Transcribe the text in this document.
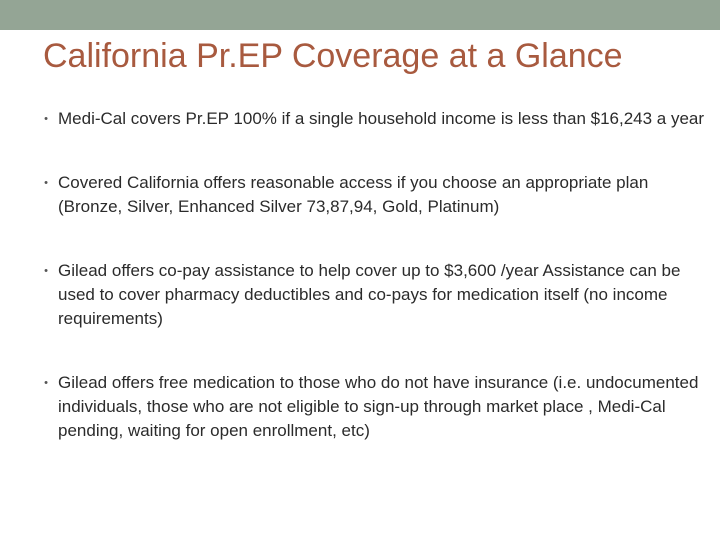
California Pr.EP Coverage at a Glance
• Medi-Cal covers Pr.EP 100% if a single household income is less than $16,243 a year
• Covered California offers reasonable access if you choose an appropriate plan (Bronze, Silver, Enhanced Silver 73,87,94, Gold, Platinum)
• Gilead offers co-pay assistance to help cover up to $3,600 /year Assistance can be used to cover pharmacy deductibles and co-pays for medication itself (no income requirements)
• Gilead offers free medication to those who do not have insurance (i.e. undocumented individuals, those who are not eligible to sign-up through market place , Medi-Cal pending, waiting for open enrollment, etc)
